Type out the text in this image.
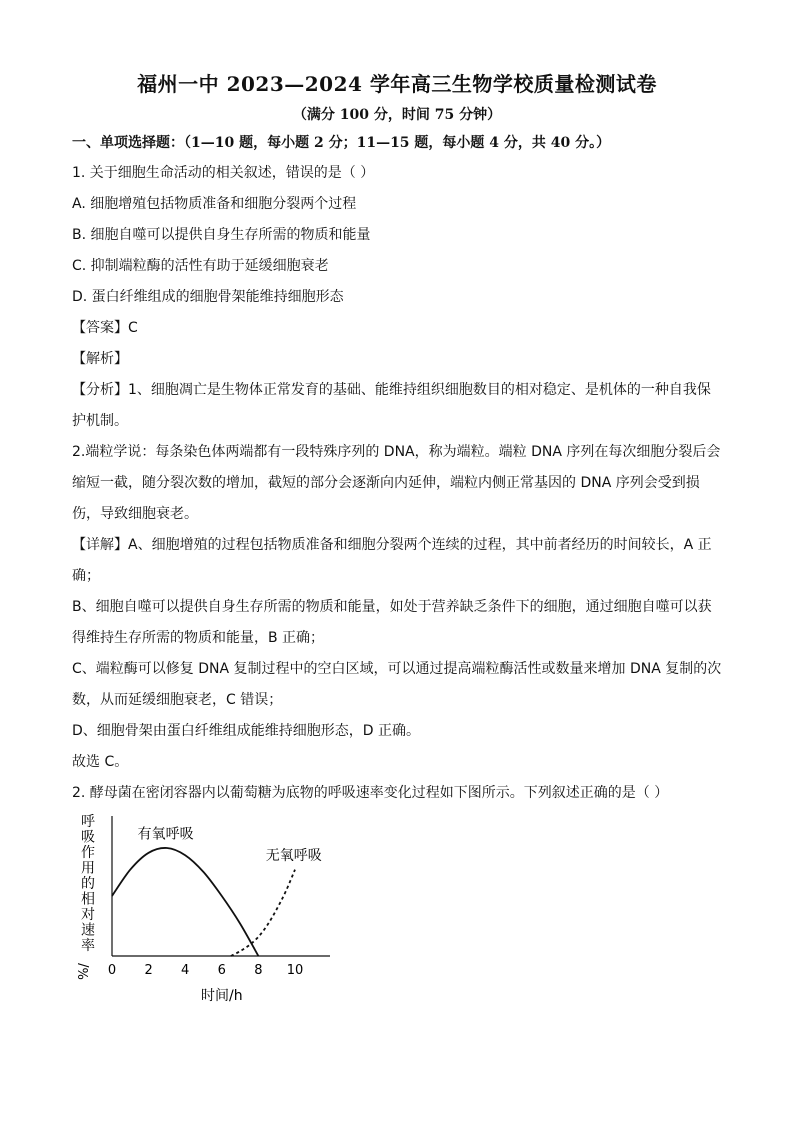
福州一中 2023—2024 学年高三生物学校质量检测试卷
（满分 100 分，时间 75 分钟）
一、单项选择题：（1—10 题，每小题 2 分；11—15 题，每小题 4 分，共 40 分。）
1. 关于细胞生命活动的相关叙述，错误的是（ ）
A. 细胞增殖包括物质准备和细胞分裂两个过程
B. 细胞自噬可以提供自身生存所需的物质和能量
C. 抑制端粒酶的活性有助于延缓细胞衰老
D. 蛋白纤维组成的细胞骨架能维持细胞形态
【答案】C
【解析】
【分析】1、细胞凋亡是生物体正常发育的基础、能维持组织细胞数目的相对稳定、是机体的一种自我保
护机制。
2.端粒学说：每条染色体两端都有一段特殊序列的 DNA，称为端粒。端粒 DNA 序列在每次细胞分裂后会
缩短一截，随分裂次数的增加，截短的部分会逐渐向内延伸，端粒内侧正常基因的 DNA 序列会受到损
伤，导致细胞衰老。
【详解】A、细胞增殖的过程包括物质准备和细胞分裂两个连续的过程，其中前者经历的时间较长，A 正
确；
B、细胞自噬可以提供自身生存所需的物质和能量，如处于营养缺乏条件下的细胞，通过细胞自噬可以获
得维持生存所需的物质和能量，B 正确；
C、端粒酶可以修复 DNA 复制过程中的空白区域，可以通过提高端粒酶活性或数量来增加 DNA 复制的次
数，从而延缓细胞衰老，C 错误；
D、细胞骨架由蛋白纤维组成能维持细胞形态，D 正确。
故选 C。
2. 酵母菌在密闭容器内以葡萄糖为底物的呼吸速率变化过程如下图所示。下列叙述正确的是（ ）
呼
吸
作
用
的
相
对
速
率
%/ 0 2 4 6 8 10
有氧呼吸
无氧呼吸
时间/h
